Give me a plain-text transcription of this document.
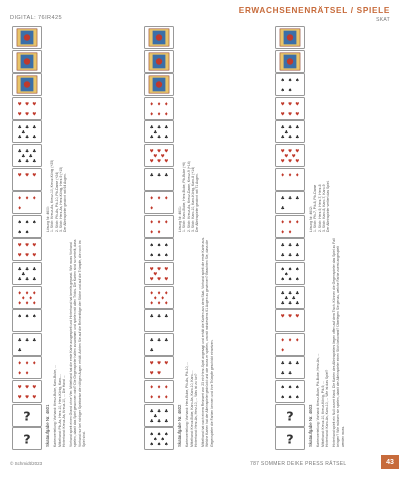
DIGITAL: 76IR425
ERWACHSENENRÄTSEL / SPIELE
SKAT
♥ ♥ ♥
♥ ♥ ♥
♣ ♣ ♣
♣ ♣ ♣
♣
♣ ♣ ♣
♣ ♣ ♣
♣ ♣
♥ ♥ ♥
♦ ♦ ♦
♦
♠ ♠ ♠
♠ ♠
♥ ♥ ♥
♥ ♥ ♥
♣ ♣ ♣
♣ ♣ ♣
♣
♦ ♦ ♦
♦ ♦ ♦
♦ ♦
♠ ♠ ♠
♣ ♣ ♣
♣
♦ ♦ ♦
♦ ♦
♥ ♥ ♥
♥ ♥ ♥
?
?	Skataufgabe Nr. 4601 Kartenverteilung: Vorhand: Kreuz-Bube, Karo-Bube, ... Mittelhand: Pik-As, Herz-10, Herz-König, Karo-... Hinterhand: Kreuz-As, Kreuz-10, ... Die Hand ... Vorhand spielt einen Grand ohne Vier. Mittelhand hat die erste Karte ausgespielt und Hinterhand hat bereits gepasst. Wie muss Vorhand spielen, damit das Spiel gewonnen wird? Die Gegenspieler halten zusammen und spielen mit allen Tricks. Die Karten sind so verteilt, dass Vorhand nur bei richtiger Spielweise die nötigen Augen erhält. Achten Sie auf die Reihenfolge der Stiche und auf die Trümpfe, die noch im Spiel sind.

Lösung Nr. 4600: 1. Stich: Kreuz-As, Kreuz-10, Kreuz-König (+25) 2. Stich: Pik-As, Pik-10, Pik-Dame (+24) 3. Stich: Herz-As, Herz-König, Herz-9 (+15) Der Alleinspieler gewinnt mit 64 Augen.

♦ ♦ ♦
♦ ♦ ♦
♣ ♣ ♣
♣ ♣ ♣
♣
♥ ♥ ♥
♥ ♥ ♥
♥ ♥
♣ ♣ ♣
♦ ♦ ♦
♦
♦ ♦ ♦
♦ ♦
♠ ♠ ♠
♠ ♠ ♠
♥ ♥ ♥
♥ ♥ ♥
♥
♦ ♦ ♦
♦ ♦ ♦
♦ ♦
♣ ♣ ♣
♣ ♣ ♣
♣
♥ ♥ ♥
♥ ♥
♦ ♦ ♦
♦ ♦ ♦
♣ ♣ ♣
♣ ♣ ♣
♣
♠ ♠ ♠
♠ ♠ ♠
♠ ♠	Skataufgabe Nr. 4602 Kartenverteilung: Vorhand: Herz-Bube, Pik-As, Pik-10, ... Mittelhand: Kreuz-Bube, Karo-As, Karo-10, Karo-... Hinterhand: Herz-As, Herz-10, ... Was ist zu tun? Mittelhand hat nach einem Reizwert von 23 ein Herz-Spiel angesagt und erhält die Karten aus dem Skat. Vorhand spielt die erste Karte aus. Welche Karten hat der Alleinspieler gedrückt und wie muss er spielen, um mit mindestens 61 Augen zu gewinnen? Beachten Sie, dass die Gegenspieler die Farben kennen und ihre Trümpfe geschickt einsetzen.

Lösung Nr. 4601: 1. Stich: Karo-Bube, Herz-Bube, Pik-Bube (+6) 2. Stich: Kreuz-As, Kreuz-Dame, Kreuz-9 (+14) 3. Stich: Karo-10, Karo-König, Karo-8 (+14) Der Alleinspieler gewinnt mit 71 Augen.

♠ ♠ ♠
♠ ♠
♥ ♥ ♥
♥ ♥ ♥
♣ ♣ ♣
♣ ♣ ♣
♣
♥ ♥ ♥
♥ ♥ ♥
♥ ♥
♦ ♦ ♦
♣ ♣ ♣
♣
♦ ♦ ♦
♦ ♦
♣ ♣ ♣
♣ ♣ ♣
♠ ♠ ♠
♠ ♠ ♠
♠
♣ ♣ ♣
♣ ♣ ♣
♣ ♣
♥ ♥ ♥
♦ ♦ ♦
♦
♣ ♣ ♣
♣ ♣
♠ ♠ ♠
♠ ♠ ♠
?
?	Skataufgabe Nr. 4603 Kartenverteilung: Vorhand: Kreuz-Bube, Pik-Bube, Herz-As, ... Mittelhand: Kreuz-10, Kreuz-König, Pik-9, ... Hinterhand: Karo-As, Karo-10, ... Wie ist das Spiel? Hinterhand spielt ein Null ouvert Hand. Die Karten des Alleinspielers liegen offen auf dem Tisch. Können die Gegenspieler das Spiel zu Fall bringen? Wie müssen sie spielen, damit der Alleinspieler einen Stich bekommt? Überlegen Sie genau, welche Farbe zuerst angespielt werden muss.

Lösung Nr. 4602: 1. Stich: Pik-7, Pik-8, Pik-Dame 2. Stich: Herz-9, Herz-7, Herz-8 3. Stich: Karo-8, Karo-7, Karo-9 Der Alleinspieler verliert das Spiel.

© Schmidt/2023	787 SOMMER DEIKE PRESS RÄTSEL	43
